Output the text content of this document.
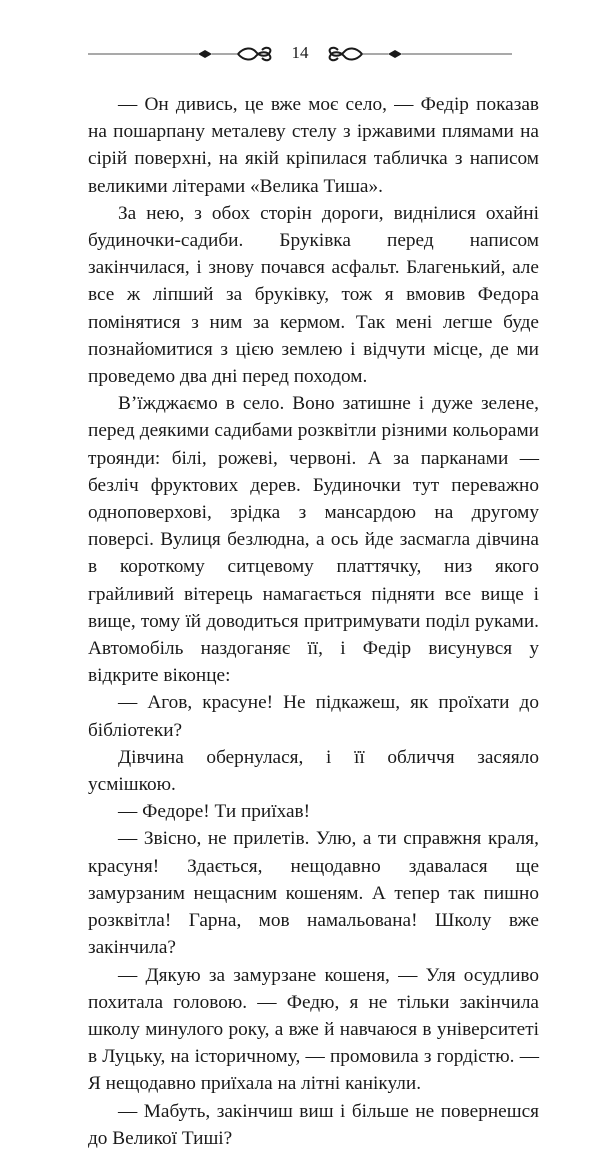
14

— Он дивись, це вже моє село, — Федір показав на пошарпану металеву стелу з іржавими плямами на сірій поверхні, на якій кріпилася табличка з написом великими літерами «Велика Тиша».

За нею, з обох сторін дороги, виднілися охайні будиночки-садиби. Бруківка перед написом закінчилася, і знову почався асфальт. Благенький, але все ж ліпший за бруківку, тож я вмовив Федора помінятися з ним за кермом. Так мені легше буде познайомитися з цією землею і відчути місце, де ми проведемо два дні перед походом.

В’їжджаємо в село. Воно затишне і дуже зелене, перед деякими садибами розквітли різними кольорами троянди: білі, рожеві, червоні. А за парканами — безліч фруктових дерев. Будиночки тут переважно одноповерхові, зрідка з мансардою на другому поверсі. Вулиця безлюдна, а ось йде засмагла дівчина в короткому ситцевому платтячку, низ якого грайливий вітерець намагається підняти все вище і вище, тому їй доводиться притримувати поділ руками. Автомобіль наздоганяє її, і Федір висунувся у відкрите віконце:

— Агов, красуне! Не підкажеш, як проїхати до бібліотеки?

Дівчина обернулася, і її обличчя засяяло усмішкою.

— Федоре! Ти приїхав!

— Звісно, не прилетів. Улю, а ти справжня краля, красуня! Здається, нещодавно здавалася ще замурзаним нещасним кошеням. А тепер так пишно розквітла! Гарна, мов намальована! Школу вже закінчила?

— Дякую за замурзане кошеня, — Уля осудливо похитала головою. — Федю, я не тільки закінчила школу минулого року, а вже й навчаюся в університеті в Луцьку, на історичному, — промовила з гордістю. — Я нещодавно приїхала на літні канікули.

— Мабуть, закінчиш виш і більше не повернешся до Великої Тиші?
